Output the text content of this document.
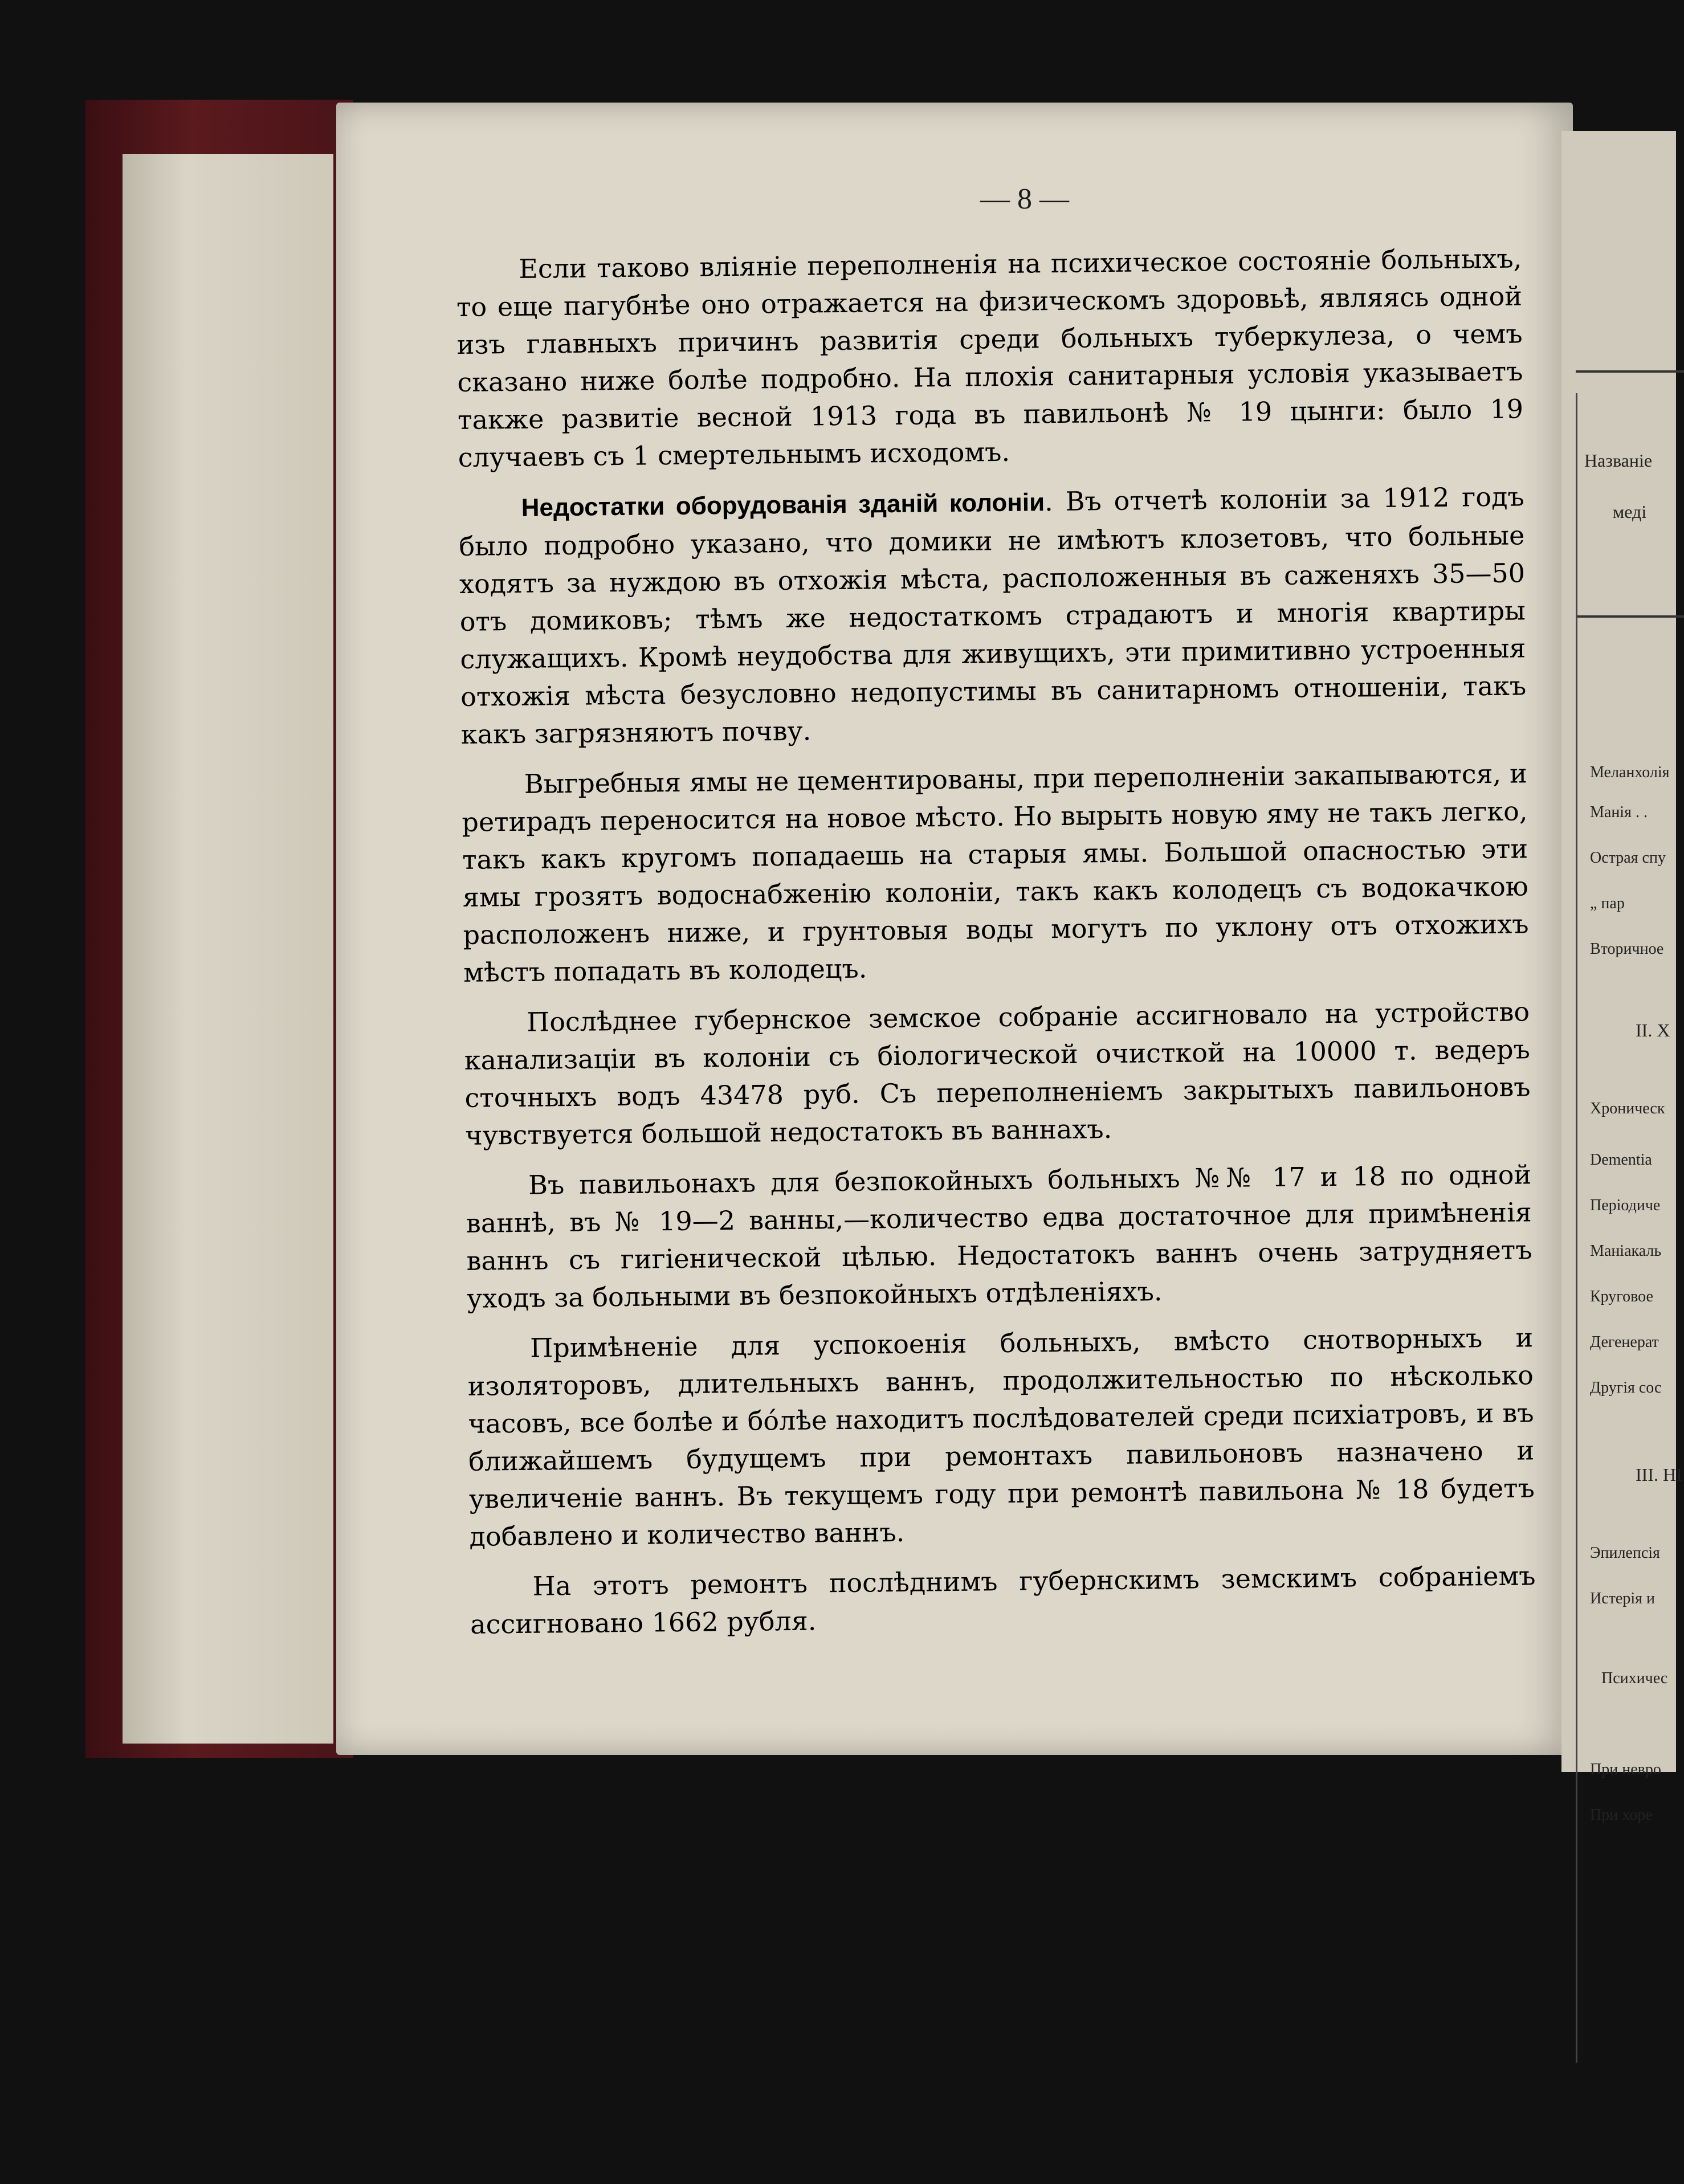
— 8 —

Если таково вліяніе переполненія на психическое состояніе больныхъ, то еще пагубнѣе оно отражается на физическомъ здоровьѣ, являясь одной изъ главныхъ причинъ развитія среди больныхъ туберкулеза, о чемъ сказано ниже болѣе подробно. На плохія санитарныя условія указываетъ также развитіе весной 1913 года въ павильонѣ № 19 цынги: было 19 случаевъ съ 1 смертельнымъ исходомъ.

Недостатки оборудованія зданій колоніи. Въ отчетѣ колоніи за 1912 годъ было подробно указано, что домики не имѣютъ клозетовъ, что больные ходятъ за нуждою въ отхожія мѣста, расположенныя въ саженяхъ 35—50 отъ домиковъ; тѣмъ же недостаткомъ страдаютъ и многія квартиры служащихъ. Кромѣ неудобства для живущихъ, эти примитивно устроенныя отхожія мѣста безусловно недопустимы въ санитарномъ отношеніи, такъ какъ загрязняютъ почву.

Выгребныя ямы не цементированы, при переполненіи закапываются, и ретирадъ переносится на новое мѣсто. Но вырыть новую яму не такъ легко, такъ какъ кругомъ попадаешь на старыя ямы. Большой опасностью эти ямы грозятъ водоснабженію колоніи, такъ какъ колодецъ съ водокачкою расположенъ ниже, и грунтовыя воды могутъ по уклону отъ отхожихъ мѣстъ попадать въ колодецъ.

Послѣднее губернское земское собраніе ассигновало на устройство канализаціи въ колоніи съ біологической очисткой на 10000 т. ведеръ сточныхъ водъ 43478 руб. Съ переполненіемъ закрытыхъ павильоновъ чувствуется большой недостатокъ въ ваннахъ.

Въ павильонахъ для безпокойныхъ больныхъ №№ 17 и 18 по одной ваннѣ, въ № 19—2 ванны,—количество едва достаточное для примѣненія ваннъ съ гигіенической цѣлью. Недостатокъ ваннъ очень затрудняетъ уходъ за больными въ безпокойныхъ отдѣленіяхъ.

Примѣненіе для успокоенія больныхъ, вмѣсто снотворныхъ и изоляторовъ, длительныхъ ваннъ, продолжительностью по нѣсколько часовъ, все болѣе и бо́лѣе находитъ послѣдователей среди психіатровъ, и въ ближайшемъ будущемъ при ремонтахъ павильоновъ назначено и увеличеніе ваннъ. Въ текущемъ году при ремонтѣ павильона № 18 будетъ добавлено и количество ваннъ.

На этотъ ремонтъ послѣднимъ губернскимъ земскимъ собраніемъ ассигновано 1662 рубля.

Названіе
меді
Меланхолія
Манія . .
Острая спу
„ пар
Вторичное
II. Х
Хроническ
Dementia
Періодиче
Маніакаль
Круговое
Дегенерат
Другія сос
III. НІ
Эпилепсія
Истерія и
Психичес
При невро
При хоре
